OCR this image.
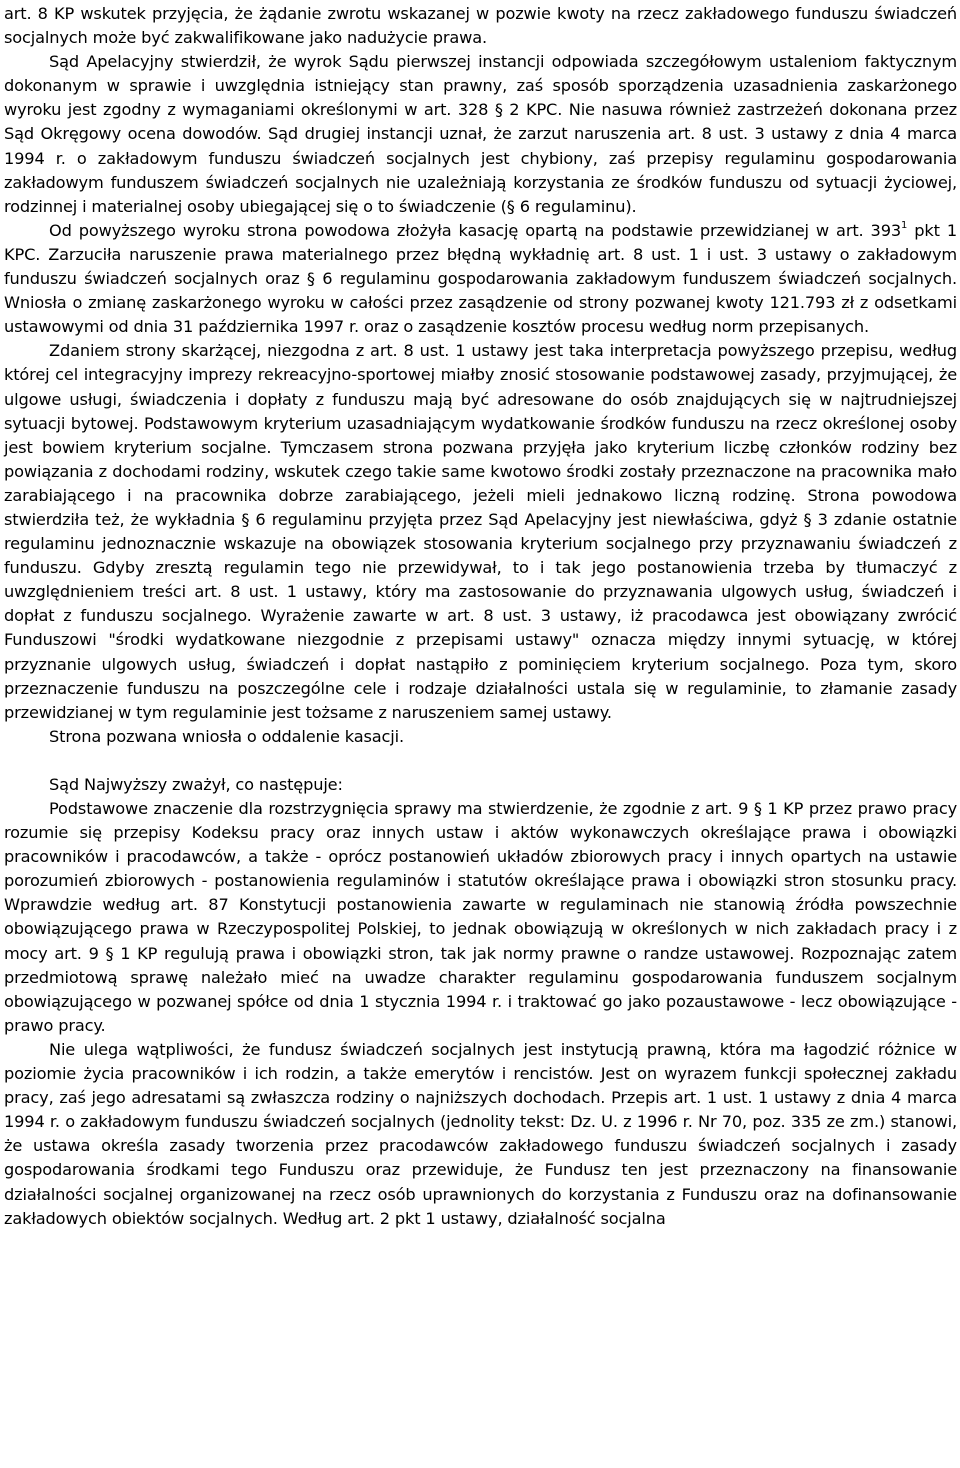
art. 8 KP wskutek przyjęcia, że żądanie zwrotu wskazanej w pozwie kwoty na rzecz zakładowego funduszu świadczeń socjalnych może być zakwalifikowane jako nadużycie prawa.

Sąd Apelacyjny stwierdził, że wyrok Sądu pierwszej instancji odpowiada szczegółowym ustaleniom faktycznym dokonanym w sprawie i uwzględnia istniejący stan prawny, zaś sposób sporządzenia uzasadnienia zaskarżonego wyroku jest zgodny z wymaganiami określonymi w art. 328 § 2 KPC. Nie nasuwa również zastrzeżeń dokonana przez Sąd Okręgowy ocena dowodów. Sąd drugiej instancji uznał, że zarzut naruszenia art. 8 ust. 3 ustawy z dnia 4 marca 1994 r. o zakładowym funduszu świadczeń socjalnych jest chybiony, zaś przepisy regulaminu gospodarowania zakładowym funduszem świadczeń socjalnych nie uzależniają korzystania ze środków funduszu od sytuacji życiowej, rodzinnej i materialnej osoby ubiegającej się o to świadczenie (§ 6 regulaminu).

Od powyższego wyroku strona powodowa złożyła kasację opartą na podstawie przewidzianej w art. $393^1$ pkt 1 KPC. Zarzuciła naruszenie prawa materialnego przez błędną wykładnię art. 8 ust. 1 i ust. 3 ustawy o zakładowym funduszu świadczeń socjalnych oraz § 6 regulaminu gospodarowania zakładowym funduszem świadczeń socjalnych. Wniosła o zmianę zaskarżonego wyroku w całości przez zasądzenie od strony pozwanej kwoty 121.793 zł z odsetkami ustawowymi od dnia 31 października 1997 r. oraz o zasądzenie kosztów procesu według norm przepisanych.

Zdaniem strony skarżącej, niezgodna z art. 8 ust. 1 ustawy jest taka interpretacja powyższego przepisu, według której cel integracyjny imprezy rekreacyjno-sportowej miałby znosić stosowanie podstawowej zasady, przyjmującej, że ulgowe usługi, świadczenia i dopłaty z funduszu mają być adresowane do osób znajdujących się w najtrudniejszej sytuacji bytowej. Podstawowym kryterium uzasadniającym wydatkowanie środków funduszu na rzecz określonej osoby jest bowiem kryterium socjalne. Tymczasem strona pozwana przyjęła jako kryterium liczbę członków rodziny bez powiązania z dochodami rodziny, wskutek czego takie same kwotowo środki zostały przeznaczone na pracownika mało zarabiającego i na pracownika dobrze zarabiającego, jeżeli mieli jednakowo liczną rodzinę. Strona powodowa stwierdziła też, że wykładnia § 6 regulaminu przyjęta przez Sąd Apelacyjny jest niewłaściwa, gdyż § 3 zdanie ostatnie regulaminu jednoznacznie wskazuje na obowiązek stosowania kryterium socjalnego przy przyznawaniu świadczeń z funduszu. Gdyby zresztą regulamin tego nie przewidywał, to i tak jego postanowienia trzeba by tłumaczyć z uwzględnieniem treści art. 8 ust. 1 ustawy, który ma zastosowanie do przyznawania ulgowych usług, świadczeń i dopłat z funduszu socjalnego. Wyrażenie zawarte w art. 8 ust. 3 ustawy, iż pracodawca jest obowiązany zwrócić Funduszowi "środki wydatkowane niezgodnie z przepisami ustawy" oznacza między innymi sytuację, w której przyznanie ulgowych usług, świadczeń i dopłat nastąpiło z pominięciem kryterium socjalnego. Poza tym, skoro przeznaczenie funduszu na poszczególne cele i rodzaje działalności ustala się w regulaminie, to złamanie zasady przewidzianej w tym regulaminie jest tożsame z naruszeniem samej ustawy.

Strona pozwana wniosła o oddalenie kasacji.

Sąd Najwyższy zważył, co następuje:

Podstawowe znaczenie dla rozstrzygnięcia sprawy ma stwierdzenie, że zgodnie z art. 9 § 1 KP przez prawo pracy rozumie się przepisy Kodeksu pracy oraz innych ustaw i aktów wykonawczych określające prawa i obowiązki pracowników i pracodawców, a także - oprócz postanowień układów zbiorowych pracy i innych opartych na ustawie porozumień zbiorowych - postanowienia regulaminów i statutów określające prawa i obowiązki stron stosunku pracy. Wprawdzie według art. 87 Konstytucji postanowienia zawarte w regulaminach nie stanowią źródła powszechnie obowiązującego prawa w Rzeczypospolitej Polskiej, to jednak obowiązują w określonych w nich zakładach pracy i z mocy art. 9 § 1 KP regulują prawa i obowiązki stron, tak jak normy prawne o randze ustawowej. Rozpoznając zatem przedmiotową sprawę należało mieć na uwadze charakter regulaminu gospodarowania funduszem socjalnym obowiązującego w pozwanej spółce od dnia 1 stycznia 1994 r. i traktować go jako pozaustawowe - lecz obowiązujące - prawo pracy.

Nie ulega wątpliwości, że fundusz świadczeń socjalnych jest instytucją prawną, która ma łagodzić różnice w poziomie życia pracowników i ich rodzin, a także emerytów i rencistów. Jest on wyrazem funkcji społecznej zakładu pracy, zaś jego adresatami są zwłaszcza rodziny o najniższych dochodach. Przepis art. 1 ust. 1 ustawy z dnia 4 marca 1994 r. o zakładowym funduszu świadczeń socjalnych (jednolity tekst: Dz. U. z 1996 r. Nr 70, poz. 335 ze zm.) stanowi, że ustawa określa zasady tworzenia przez pracodawców zakładowego funduszu świadczeń socjalnych i zasady gospodarowania środkami tego Funduszu oraz przewiduje, że Fundusz ten jest przeznaczony na finansowanie działalności socjalnej organizowanej na rzecz osób uprawnionych do korzystania z Funduszu oraz na dofinansowanie zakładowych obiektów socjalnych. Według art. 2 pkt 1 ustawy, działalność socjalna
